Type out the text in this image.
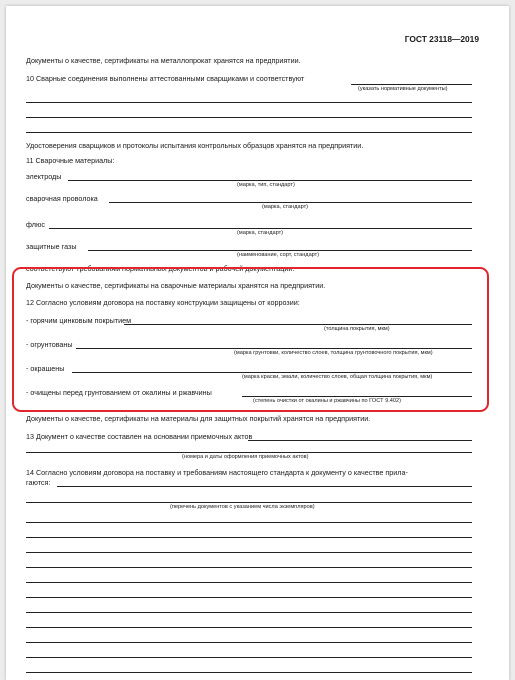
ГОСТ 23118—2019
Документы о качестве, сертификаты на металлопрокат хранятся на предприятии.
10 Сварные соединения выполнены аттестованными сварщиками и соответствуют
(указать нормативные документы)
Удостоверения сварщиков и протоколы испытания контрольных образцов хранятся на предприятии.
11 Сварочные материалы:
электроды
(марка, тип, стандарт)
сварочная проволока
(марка, стандарт)
флюс
(марка, стандарт)
защитные газы
(наименование, сорт, стандарт)
соответствуют требованиям нормативных документов и рабочей документации.
Документы о качестве, сертификаты на сварочные материалы хранятся на предприятии.
12 Согласно условиям договора на поставку конструкции защищены от коррозии:
- горячим цинковым покрытием
(толщина покрытия, мкм)
- огрунтованы
(марка грунтовки, количество слоев, толщина грунтовочного покрытия, мкм)
- окрашены
(марка краски, эмали, количество слоев, общая толщина покрытия, мкм)
- очищены перед грунтованием от окалины и ржавчины
(степень очистки от окалины и ржавчины по ГОСТ 9.402)
Документы о качестве, сертификаты на материалы для защитных покрытий хранятся на предприятии.
13 Документ о качестве составлен на основании приемочных актов
(номера и даты оформления приемочных актов)
14 Согласно условиям договора на поставку и требованиям настоящего стандарта к документу о качестве прила-
гаются:
(перечень документов с указанием числа экземпляров)
